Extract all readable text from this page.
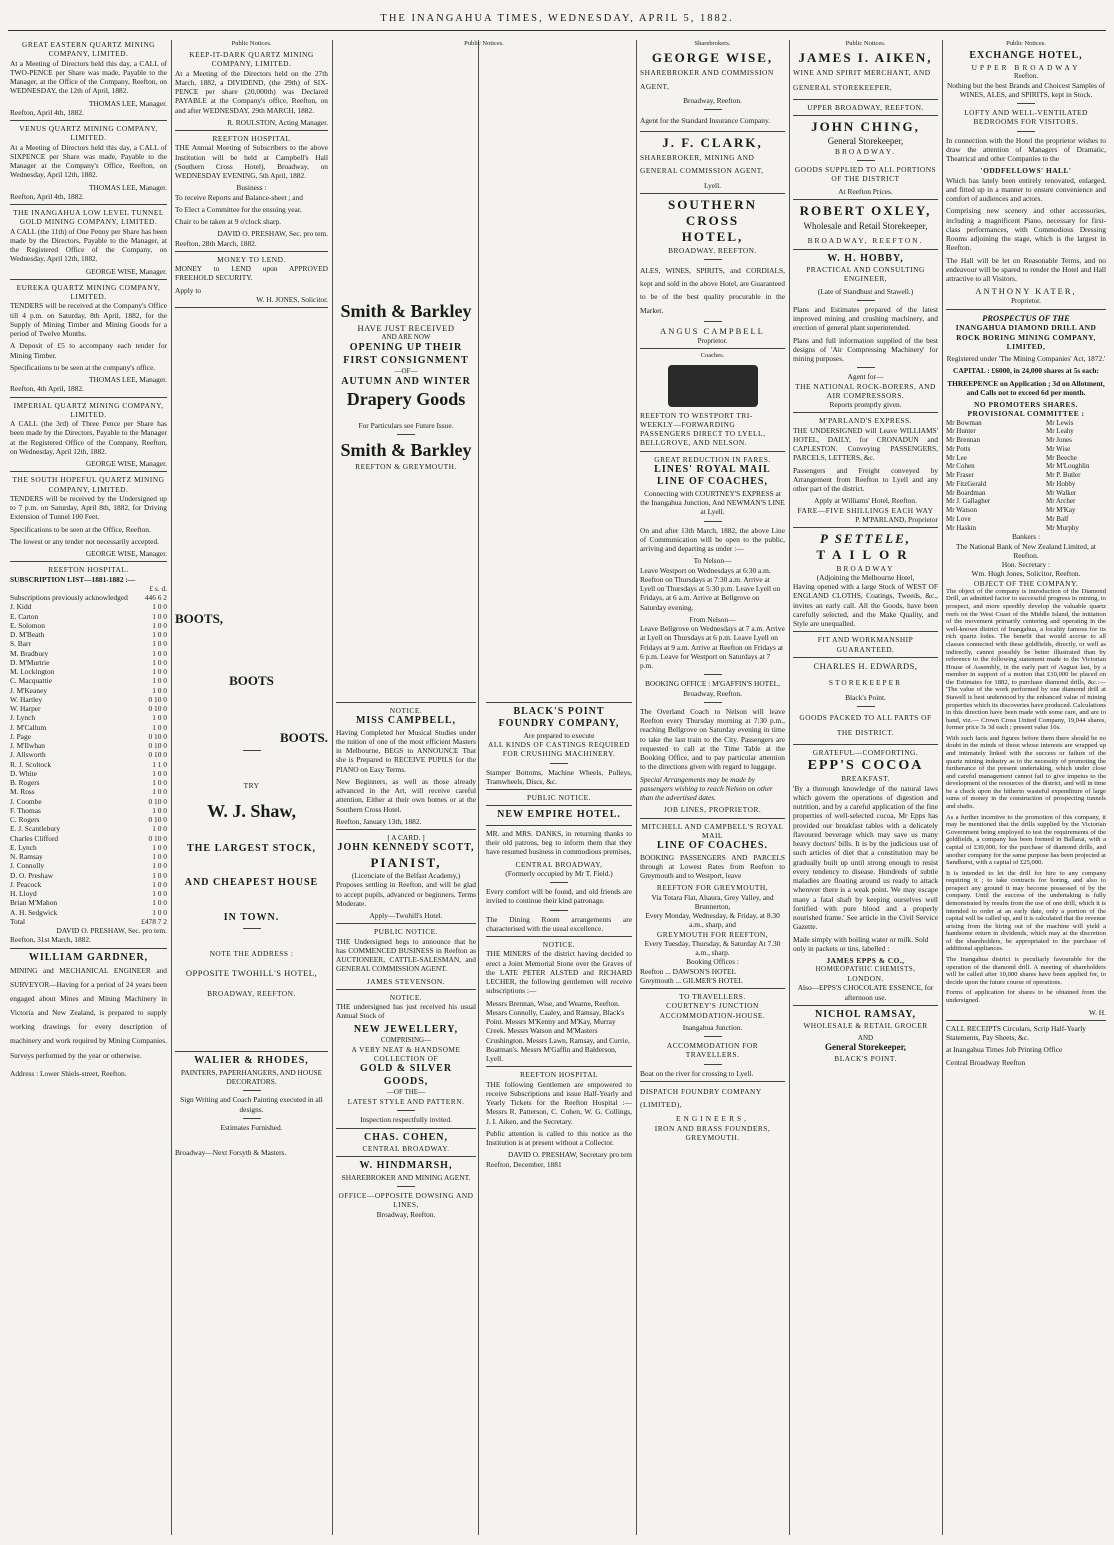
THE INANGAHUA TIMES, WEDNESDAY, APRIL 5, 1882.
GREAT EASTERN QUARTZ MINING COMPANY, LIMITED.

At a Meeting of Directors held this day, a CALL of TWO-PENCE per Share was made, Payable to the Manager, at the Office of the Company, Reefton, on WEDNESDAY, the 12th of April, 1882.

THOMAS LEE, Manager.
Reefton, April 4th, 1882.
VENUS QUARTZ MINING COMPANY, LIMITED.

At a Meeting of Directors held this day, a CALL of SIXPENCE per Share was made, Payable to the Manager at the Company's Office, Reefton, on Wednesday, April 12th, 1882.

THOMAS LEE, Manager.
Reefton, April 4th, 1882.
THE INANGAHUA LOW LEVEL TUNNEL GOLD MINING COMPANY, LIMITED.

A CALL (the 11th) of One Penny per Share has been made by the Directors, Payable to the Manager, at the Registered Office of the Company, on Wednesday, April 12th, 1882.

GEORGE WISE, Manager.
EUREKA QUARTZ MINING COMPANY, LIMITED.

TENDERS will be received at the Company's Office till 4 p.m. on Saturday, 8th April, 1882, for the Supply of Mining Timber and Mining Goods for a period of Twelve Months.

A Deposit of £5 to accompany each tender for Mining Timber.

Specifications to be seen at the company's office.

THOMAS LEE, Manager.
Reefton, 4th April, 1882.
IMPERIAL QUARTZ MINING COMPANY, LIMITED.

A CALL (the 3rd) of Three Pence per Share has been made by the Directors, Payable to the Manager at the Registered Office of the Company, Reefton, on Wednesday, April 12th, 1882.

GEORGE WISE, Manager.
THE SOUTH HOPEFUL QUARTZ MINING COMPANY, LIMITED.

TENDERS will be received by the Undersigned up to 7 p.m. on Saturday, April 8th, 1882, for Driving Extension of Tunnel 100 Feet.

Specifications to be seen at the Office, Reefton.

The lowest or any tender not necessarily accepted.

GEORGE WISE, Manager.
REEFTON HOSPITAL.
SUBSCRIPTION LIST—1881-1882 :—
£ s. d.
Subscriptions previously acknowledged 446 6 2
J. Kidd	1 0 0
E. Carton	1 0 0
E. Solomon	1 0 0
D. M'Beath	1 0 0
S. Barr	1 0 0
M. Bradbury	1 0 0
D. M'Murtrie	1 0 0
M. Lockington	1 0 0
C. Macquattie	1 0 0
J. M'Keaney	1 0 0
W. Hartley	0 10 0
W. Harper	0 10 0
J. Lynch	1 0 0
J. M'Callum	1 0 0
J. Page	0 10 0
J. M'Ilwhan	0 10 0
J. Allsworth	0 10 0
R. J. Scoltock	1 1 0
D. White	1 0 0
B. Rogers	1 0 0
M. Ross	1 0 0
J. Coombe	0 10 0
F. Thomas	1 0 0
C. Rogers	0 10 0
E. J. Scantlebury	1 0 0
Charles Clifford	0 10 0
E. Lynch	1 0 0
N. Ramsay	1 0 0
J. Connolly	1 0 0
D. O. Preshaw	1 0 0
J. Peacock	1 0 0
H. Lloyd	1 0 0
Brian M'Mahon	1 0 0
A. H. Sedgwick	1 0 0
Total	£478 7 2
DAVID O. PRESHAW, Sec. pro tem.
Reefton, 31st March, 1882.
WILLIAM GARDNER,

MINING and MECHANICAL ENGINEER and SURVEYOR—Having for a period of 24 years been engaged about Mines and Mining Machinery in Victoria and New Zealand, is prepared to supply working drawings for every description of machinery and work required by Mining Companies.

Surveys performed by the year or otherwise.

Address : Lower Shiels-street, Reefton.
Public Notices.
KEEP-IT-DARK QUARTZ MINING COMPANY, LIMITED.

At a Meeting of the Directors held on the 27th March, 1882, a DIVIDEND, (the 29th) of SIX-PENCE per share (20,000th) was Declared PAYABLE at the Company's office, Reefton, on and after WEDNESDAY, 29th MARCH, 1882.

R. ROULSTON, Acting Manager.
REEFTON HOSPITAL

THE Annual Meeting of Subscribers to the above Institution will be held at Campbell's Hall (Southern Cross Hotel), Broadway, on WEDNESDAY EVENING, 5th April, 1882.

Business :

To receive Reports and Balance-sheet ; and

To Elect a Committee for the ensuing year.

Chair to be taken at 9 o'clock sharp.

DAVID O. PRESHAW, Sec. pro tem.
Reefton, 28th March, 1882.
MONEY TO LEND.

MONEY to LEND upon APPROVED FREEHOLD SECURITY.

Apply to
W. H. JONES, Solicitor.
BOOTS,
BOOTS
BOOTS.
TRY
W. J. Shaw,
THE LARGEST STOCK,
AND CHEAPEST HOUSE
IN TOWN.
NOTE THE ADDRESS :
OPPOSITE TWOHILL'S HOTEL,
BROADWAY, REEFTON.
WALIER & RHODES,

PAINTERS, PAPERHANGERS, AND HOUSE DECORATORS.

Sign Writing and Coach Painting executed in all designs.

Estimates Furnished.
Broadway—Next Forsyth & Masters.
Public Notices.
Smith & Barkley
HAVE JUST RECEIVED
AND ARE NOW
OPENING UP THEIR
FIRST CONSIGNMENT
—OF—
AUTUMN AND WINTER
Drapery Goods
For Particulars see Future Issue.
Smith & Barkley
REEFTON & GREYMOUTH.
NOTICE.
MISS CAMPBELL,

Having Completed her Musical Studies under the tuition of one of the most efficient Masters in Melbourne, BEGS to ANNOUNCE That she is Prepared to RECEIVE PUPILS for the PIANO on Easy Terms.

New Beginners, as well as those already advanced in the Art, will receive careful attention, Either at their own homes or at the Southern Cross Hotel.

Reefton, January 13th, 1882.
[ A CARD. ]
JOHN KENNEDY SCOTT,
PIANIST,
(Licenciate of the Belfast Academy,)

Proposes settling in Reefton, and will be glad to accept pupils, advanced or beginners. Terms Moderate.

Apply—Twohill's Hotel.
PUBLIC NOTICE.

THE Undersigned begs to announce that he has COMMENCED BUSINESS in Reefton as AUCTIONEER, CATTLE-SALESMAN, and GENERAL COMMISSION AGENT.

JAMES STEVENSON.
NOTICE.

THE undersigned has just received his usual Annual Stock of

NEW JEWELLERY,
COMPRISING—
A VERY NEAT & HANDSOME COLLECTION OF
GOLD & SILVER GOODS,
—OF THE—
LATEST STYLE AND PATTERN.
Inspection respectfully invited.
CHAS. COHEN,
CENTRAL BROADWAY.
W. HINDMARSH,

SHAREBROKER AND MINING AGENT.

OFFICE—OPPOSITE DOWSING AND LINES,
Broadway, Reefton.
BLACK'S POINT
FOUNDRY COMPANY,
Are prepared to execute
ALL KINDS OF CASTINGS REQUIRED FOR CRUSHING MACHINERY.

Stamper Bottoms, Machine Wheels, Pulleys, Tramwheels, Discs, &c.

PUBLIC NOTICE.
NEW EMPIRE HOTEL.

MR. and MRS. DANKS, in returning thanks to their old patrons, beg to inform them that they have resumed business in commodious premises,

CENTRAL BROADWAY,
(Formerly occupied by Mr T. Field.)

Every comfort will be found, and old friends are invited to continue their kind patronage.

The Dining Room arrangements are characterised with the usual excellence.

NOTICE.

THE MINERS of the district having decided to erect a Joint Memorial Stone over the Graves of the LATE PETER ALSTED and RICHARD LECHER, the following gentlemen will receive subscriptions :—

Messrs Brennan, Wise, and Wearne, Reefton. Messrs Connolly, Caaley, and Ramsay, Black's Point. Messrs M'Kenny and M'Kay, Murray Creek. Messrs Watson and M'Masters Crushington. Messrs Lawn, Ramsay, and Currie, Boatman's. Messrs M'Gaffin and Balderson, Lyell.

REEFTON HOSPITAL

THE following Gentlemen are empowered to receive Subscriptions and issue Half-Yearly and Yearly Tickets for the Reefton Hospital :— Messrs R. Patterson, C. Cohen, W. G. Collings, J. I. Aiken, and the Secretary.

Public attention is called to this notice as the Institution is at present without a Collector.

DAVID O. PRESHAW, Secretary pro tem
Reefton, December, 1881
Sharebrokers.
GEORGE WISE,

SHAREBROKER AND COMMISSION AGENT,

Broadway, Reefton.

Agent for the Standard Insurance Company.

J. F. CLARK,

SHAREBROKER, MINING AND GENERAL COMMISSION AGENT,

Lyell.
SOUTHERN CROSS
HOTEL,
BROADWAY, REEFTON.

ALES, WINES, SPIRITS, and CORDIALS, kept and sold in the above Hotel, are Guaranteed to be of the best quality procurable in the Market.

ANGUS CAMPBELL
Proprietor.
Coaches.

REEFTON TO WESTPORT TRI-WEEKLY—FORWARDING PASSENGERS DIRECT TO LYELL, BELLGROVE, AND NELSON.

GREAT REDUCTION IN FARES.
LINES' ROYAL MAIL LINE OF COACHES,

Connecting with COURTNEY'S EXPRESS at the Inangahua Junction, And NEWMAN'S LINE at Lyell.

On and after 13th March, 1882, the above Line of Communication will be open to the public, arriving and departing as under :—

To Nelson—

Leave Westport on Wednesdays at 6:30 a.m. Reefton on Thursdays at 7:30 a.m. Arrive at Lyell on Thursdays at 5:30 p.m. Leave Lyell on Fridays, at 6 a.m. Arrive at Bellgrove on Saturday evening.

From Nelson—

Leave Bellgrove on Wednesdays at 7 a.m. Arrive at Lyell on Thursdays at 6 p.m. Leave Lyell on Fridays at 9 a.m. Arrive at Reefton on Fridays at 6 p.m. Leave for Westport on Saturdays at 7 p.m.

BOOKING OFFICE : M'GAFFIN'S HOTEL, Broadway, Reefton.

The Overland Coach to Nelson will leave Reefton every Thursday morning at 7:30 p.m., reaching Bellgrove on Saturday evening in time to take the last train to the City. Passengers are requested to call at the Time Table at the Booking Office, and to pay particular attention to the directions given with regard to luggage.

Special Arrangements may be made by passengers wishing to reach Nelson on other than the advertised dates.

JOB LINES, PROPRIETOR.
MITCHELL AND CAMPBELL'S ROYAL MAIL
LINE OF COACHES.

BOOKING PASSENGERS AND PARCELS through at Lowest Rates from Reefton to Greymouth and to Westport, leave

REEFTON FOR GREYMOUTH,
Via Totara Flat, Ahaura, Grey Valley, and Brunnerton,
Every Monday, Wednesday, & Friday, at 8.30 a.m., sharp, and
GREYMOUTH FOR REEFTON,
Every Tuesday, Thursday, & Saturday At 7.30 a.m., sharp.
Booking Offices :
Reefton ... DAWSON'S HOTEL
Greymouth ... GILMER'S HOTEL
TO TRAVELLERS.

COURTNEY'S JUNCTION ACCOMMODATION-HOUSE.

Inangahua Junction.
ACCOMMODATION FOR TRAVELLERS.

Boat on the river for crossing to Lyell.

DISPATCH FOUNDRY COMPANY (LIMITED),

ENGINEERS,
IRON AND BRASS FOUNDERS,
GREYMOUTH.
Public Notices.
JAMES I. AIKEN,

WINE AND SPIRIT MERCHANT, AND GENERAL STOREKEEPER,

UPPER BROADWAY, REEFTON.
JOHN CHING,
General Storekeeper,
BROADWAY.

GOODS SUPPLIED TO ALL PORTIONS OF THE DISTRICT

At Reefton Prices.
ROBERT OXLEY,

Wholesale and Retail Storekeeper,

BROADWAY, REEFTON.
W. H. HOBBY,

PRACTICAL AND CONSULTING ENGINEER,

(Late of Standhust and Stawell.)

Plans and Estimates prepared of the latest improved mining and crushing machinery, and erection of general plant superintended.

Plans and full information supplied of the best designs of 'Air Compressing Machinery' for mining purposes.

Agent for—
THE NATIONAL ROCK-BORERS, AND AIR COMPRESSORS.
Reports promptly given.
M'PARLAND'S EXPRESS.

THE UNDERSIGNED will Leave WILLIAMS' HOTEL, DAILY, for CRONADUN and CAPLESTON. Conveying PASSENGERS, PARCELS, LETTERS, &c.

Passengers and Freight conveyed by Arrangement from Reefton to Lyell and any other part of the district.

Apply at Williams' Hotel, Reefton.
FARE—FIVE SHILLINGS EACH WAY
P. M'PARLAND, Proprietor
P SETTELE,
TAILOR
BROADWAY
(Adjoining the Melbourne Hotel,

Having opened with a large Stock of WEST OF ENGLAND CLOTHS, Coatings, Tweeds, &c., invites an early call. All the Goods, have been carefully selected, and the Make Quality, and Style are unequalled.

FIT AND WORKMANSHIP GUARANTEED.

CHARLES H. EDWARDS,
STOREKEEPER
Black's Point.

GOODS PACKED TO ALL PARTS OF THE DISTRICT.

GRATEFUL—COMFORTING.
EPP'S COCOA
BREAKFAST.

'By a thorough knowledge of the natural laws which govern the operations of digestion and nutrition, and by a careful application of the fine properties of well-selected cocoa, Mr Epps has provided our breakfast tables with a delicately flavoured beverage which may save us many heavy doctors' bills. It is by the judicious use of such articles of diet that a constitution may be gradually built up until strong enough to resist every tendency to disease. Hundreds of subtle maladies are floating around us ready to attack wherever there is a weak point. We may escape many a fatal shaft by keeping ourselves well fortified with pure blood and a properly nourished frame.' See article in the Civil Service Gazette.

Made simply with boiling water or milk. Sold only in packets or tins, labelled :

JAMES EPPS & CO.,
HOMŒOPATHIC CHEMISTS,
LONDON.

Also—EPPS'S CHOCOLATE ESSENCE, for afternoon use.

NICHOL RAMSAY,

WHOLESALE & RETAIL GROCER

AND
General Storekeeper,
BLACK'S POINT.
Public Notices.
EXCHANGE HOTEL,
UPPER BROADWAY
Reefton.

Nothing but the best Brands and Choicest Samples of WINES, ALES, and SPIRITS, kept in Stock.

LOFTY AND WELL-VENTILATED BEDROOMS FOR VISITORS.

In connection with the Hotel the proprietor wishes to draw the attention of Managers of Dramatic, Theatrical and other Companies to the

'ODDFELLOWS' HALL'

Which has lately been entirely renovated, enlarged, and fitted up in a manner to ensure convenience and comfort of audiences and actors.

Comprising new scenery and other accessories, including a magnificent Piano, necessary for first-class performances, with Commodious Dressing Rooms adjoining the stage, which is the largest in Reefton.

The Hall will be let on Reasonable Terms, and no endeavour will be spared to render the Hotel and Hall attractive to all Visitors.

ANTHONY KATER,
Proprietor.
PROSPECTUS OF THE

INANGAHUA DIAMOND DRILL AND ROCK BORING MINING COMPANY, LIMITED,

Registered under 'The Mining Companies' Act, 1872.'

CAPITAL : £6000, in 24,000 shares at 5s each:

THREEPENCE on Application ; 3d on Allotment, and Calls not to exceed 6d per month.

NO PROMOTERS SHARES.
PROVISIONAL COMMITTEE :
Mr Bowman	Mr Lewis
Mr Hunter	Mr Leahy
Mr Brennan	Mr Jones
Mr Potts	Mr Wise
Mr Lee	Mr Beeche
Mr Cohen	Mr M'Loughlin
Mr Fraser	Mr P. Butler
Mr FitzGerald	Mr Hobby
Mr Boardman	Mr Walker
Mr J. Gallagher	Mr Archer
Mr Watson	Mr M'Kay
Mr Love	Mr Balf
Mr Haskin	Mr Murphy
Bankers :
The National Bank of New Zealand Limited, at Reefton.
Hon. Secretary :
Wm. Hugh Jones, Solicitor, Reefton.
OBJECT OF THE COMPANY.

The object of the company is introduction of the Diamond Drill, an admitted factor to successful progress in mining, to prospect, and more speedily develop the valuable quartz reefs on the West Coast of the Middle Island, the initiation of the movement primarily centering and operating in the well-known district of Inangahua, a locality famous for its rich quartz lodes. The benefit that would accrue to all classes connected with these goldfields, directly, or well as indirectly, cannot possibly be better illustrated than by reference to the following statement made to the Victorian House of Assembly, in the early part of August last, by a member in support of a motion that £10,000 be placed on the Estimates for 1882, to purchase diamond drills, &c.:— 'The value of the work performed by one diamond drill at Stawell is best understood by the enhanced value of mining properties which its discoveries have produced. Calculations in this direction have been made with some care, and are to hand, viz.— Crown Cross United Company, 19,044 shares, former price 3s 3d each ; present value 10s.

With such facts and figures before them there should be no doubt in the minds of those whose interests are wrapped up and intimately linked with the success or failure of the quartz mining industry as to the necessity of promoting the furtherance of the present undertaking, which under close and careful management cannot fail to give impetus to the development of the resources of the district, and will in time be a check upon the hitherto wasteful expenditure of large sums of money in the construction of prospecting tunnels and shafts.

As a further incentive to the promotion of this company, it may be mentioned that the drills supplied by the Victorian Government being employed to test the requirements of the goldfields, a company has been formed in Ballarat, with a capital of £30,000, for the purchase of diamond drills, and another company for the same purpose has been projected at Sandhurst, with a capital of £25,000.

It is intended to let the drill for hire to any company requiring it ; to take contracts for boring, and also to prospect any ground it may become possessed of by the company. Until the success of the undertaking is fully demonstrated by results from the use of one drill, which it is intended to order at an early date, only a portion of the capital will be called up, and it is calculated that the revenue arising from the hiring out of the machine will yield a handsome return in dividends, which may at the discretion of the shareholders, be appropriated to the purchase of additional appliances.

The Inangahua district is peculiarly favourable for the operation of the diamond drill. A meeting of shareholders will be called after 10,000 shares have been applied for, to decide upon the future course of operations.

Forms of application for shares to be obtained from the undersigned.

W. H.

CALL RECEIPTS Circulars, Scrip Half-Yearly Statements, Pay Sheets, &c.

at Inangahua Times Job Printing Office

Central Broadway Reefton
